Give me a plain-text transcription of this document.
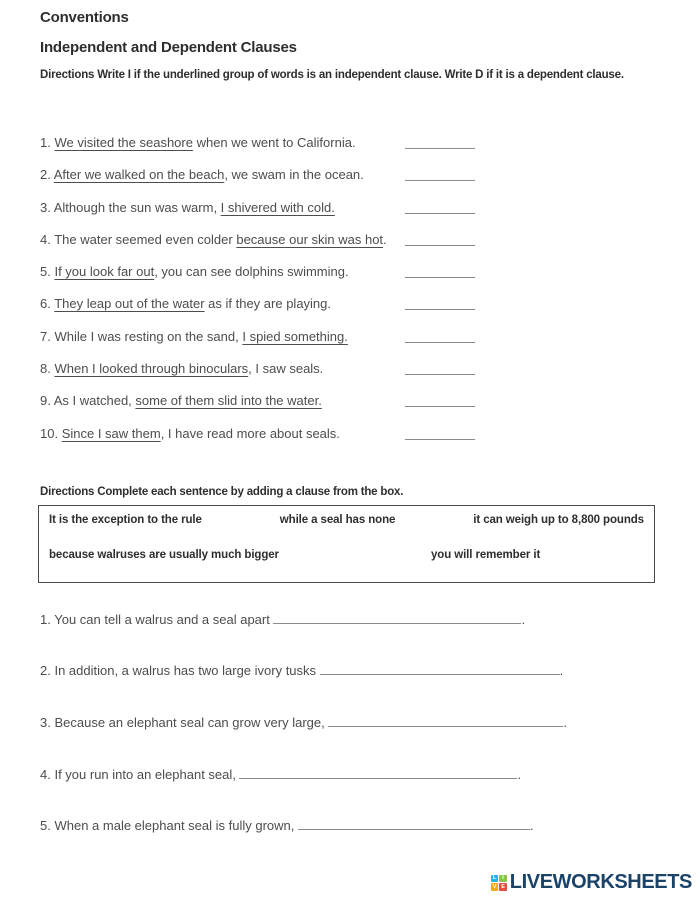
Conventions
Independent and Dependent Clauses
Directions Write I if the underlined group of words is an independent clause. Write D if it is a dependent clause.
1. We visited the seashore when we went to California.
2. After we walked on the beach, we swam in the ocean.
3. Although the sun was warm, I shivered with cold.
4. The water seemed even colder because our skin was hot.
5. If you look far out, you can see dolphins swimming.
6. They leap out of the water as if they are playing.
7. While I was resting on the sand, I spied something.
8. When I looked through binoculars, I saw seals.
9. As I watched, some of them slid into the water.
10. Since I saw them, I have read more about seals.
Directions Complete each sentence by adding a clause from the box.
It is the exception to the rule	while a seal has none	it can weigh up to 8,800 pounds
because walruses are usually much bigger	you will remember it
1. You can tell a walrus and a seal apart	.
2. In addition, a walrus has two large ivory tusks	.
3. Because an elephant seal can grow very large,	.
4. If you run into an elephant seal,	.
5. When a male elephant seal is fully grown,	.
L	I
V E LIVEWORKSHEETS
